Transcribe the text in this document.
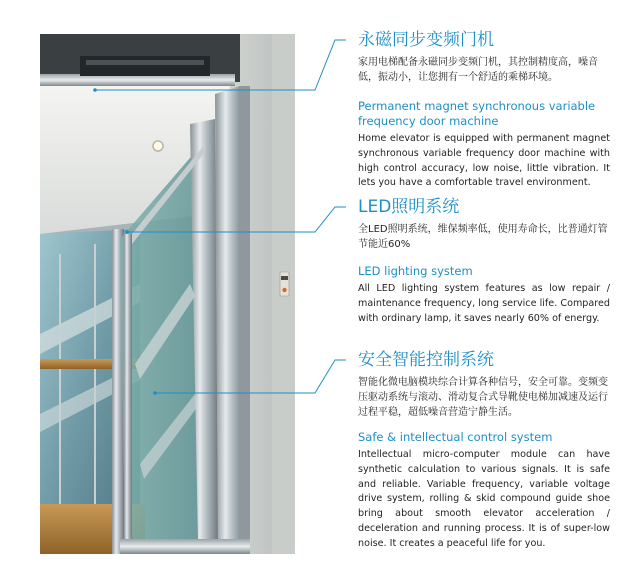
永磁同步变频门机
家用电梯配备永磁同步变频门机，其控制精度高，噪音低，振动小，让您拥有一个舒适的乘梯环境。
Permanent magnet synchronous variable frequency door machine
Home elevator is equipped with permanent magnet synchronous variable frequency door machine with high control accuracy, low noise, little vibration. It lets you have a comfortable travel environment.
LED照明系统
全LED照明系统，维保频率低，使用寿命长，比普通灯管节能近60%
LED lighting system
All LED lighting system features as low repair / maintenance frequency, long service life. Compared with ordinary lamp, it saves nearly 60% of energy.
安全智能控制系统
智能化微电脑模块综合计算各种信号，安全可靠。变频变压驱动系统与滚动、滑动复合式导靴使电梯加减速及运行过程平稳，超低噪音营造宁静生活。
Safe & intellectual control system
Intellectual micro-computer module can have synthetic calculation to various signals. It is safe and reliable. Variable frequency, variable voltage drive system, rolling & skid compound guide shoe bring about smooth elevator acceleration / deceleration and running process. It is of super-low noise. It creates a peaceful life for you.
